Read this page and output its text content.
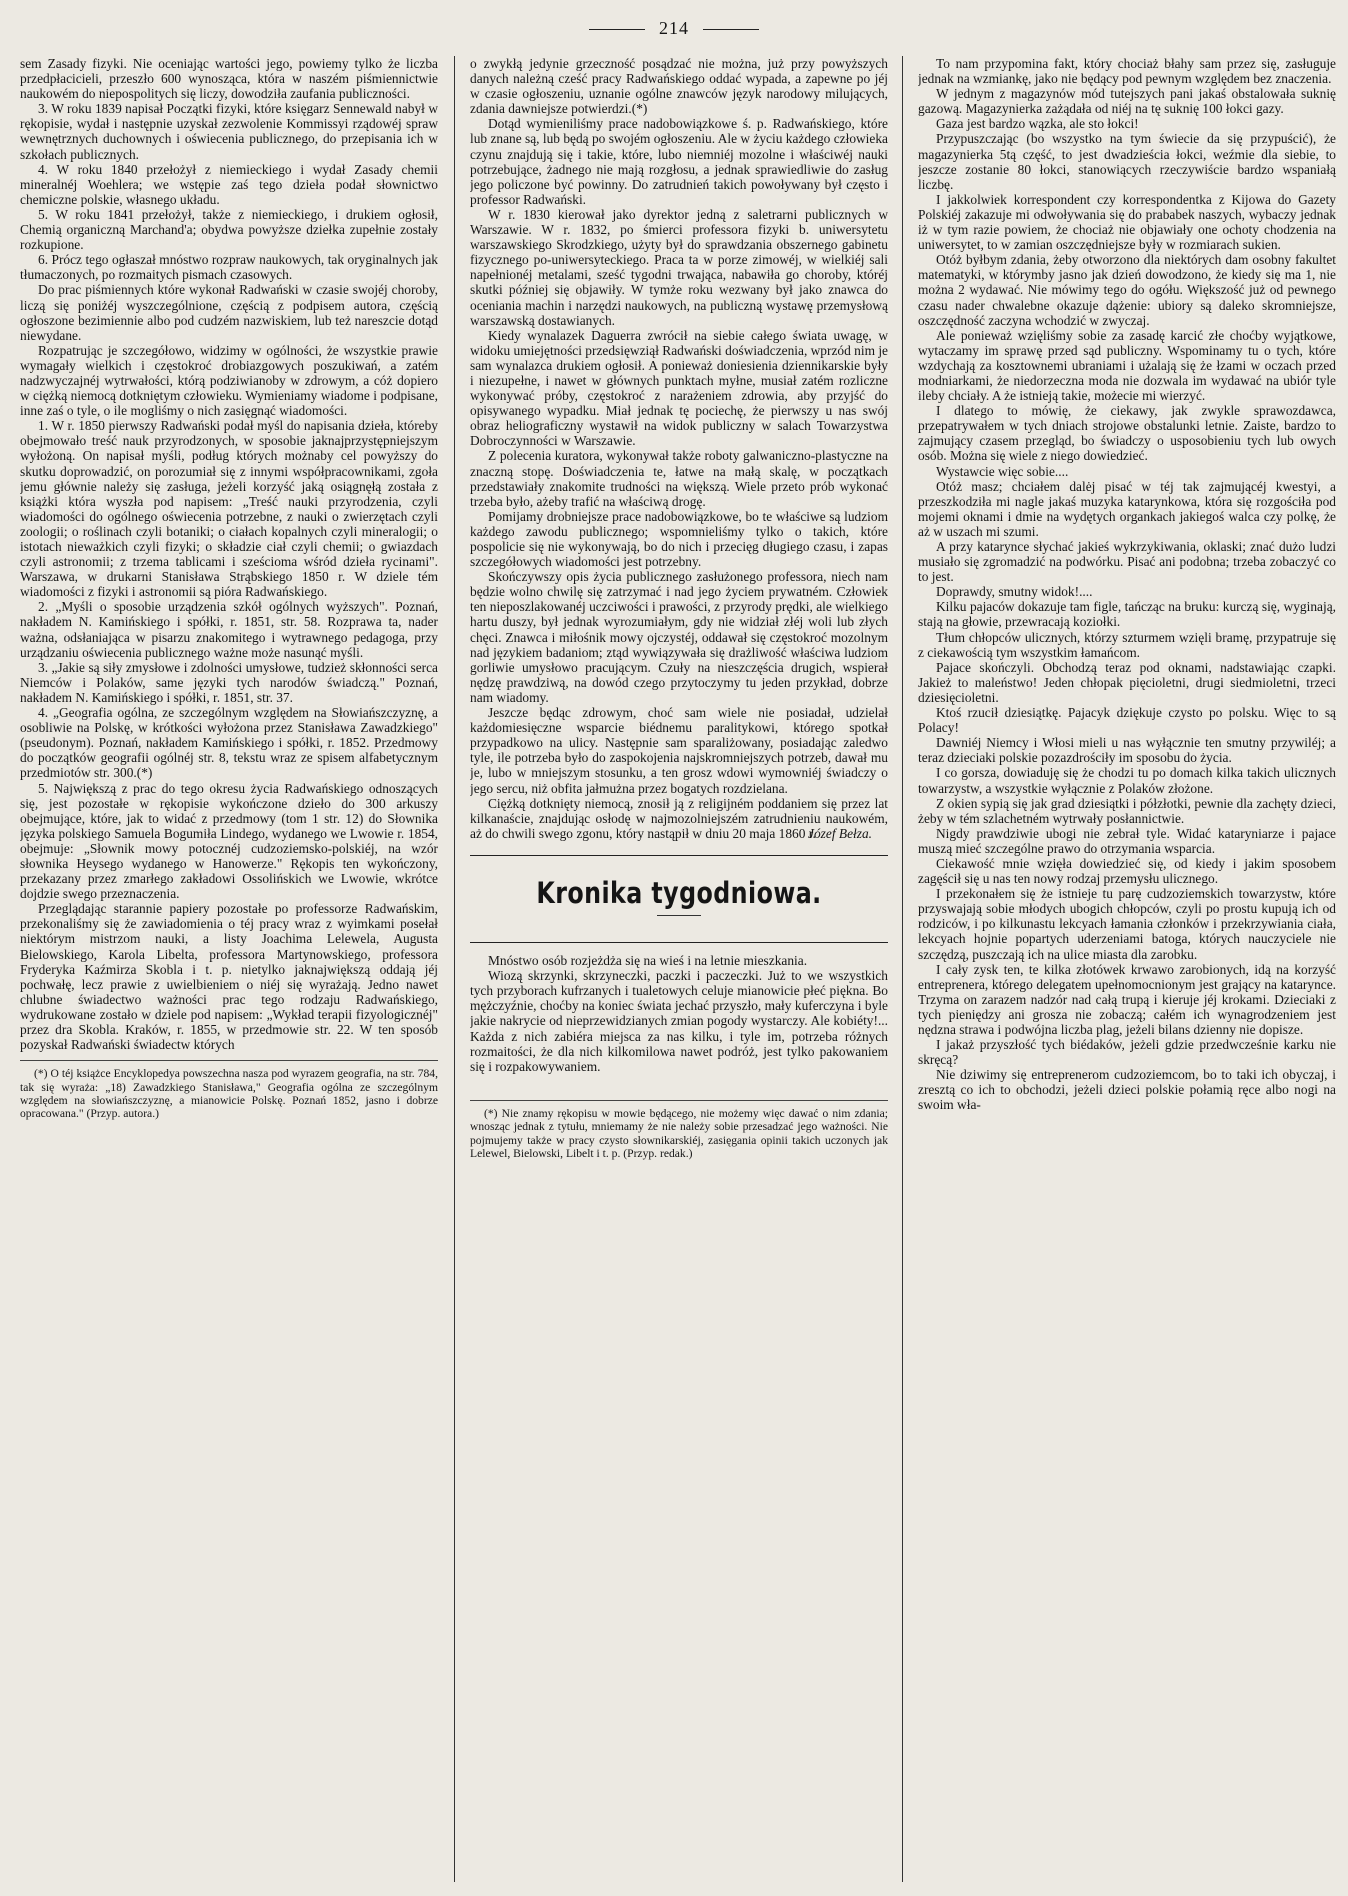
214

sem Zasady fizyki. Nie oceniając wartości jego, powiemy tylko że liczba przedpłacicieli, przeszło 600 wynosząca, która w naszém piśmiennictwie naukowém do niepospolitych się liczy, dowodziła zaufania publiczności.

3. W roku 1839 napisał Początki fizyki, które księgarz Sennewald nabył w rękopisie, wydał i następnie uzyskał zezwolenie Kommissyi rządowéj spraw wewnętrznych duchownych i oświecenia publicznego, do przepisania ich w szkołach publicznych.

4. W roku 1840 przełożył z niemieckiego i wydał Zasady chemii mineralnéj Woehlera; we wstępie zaś tego dzieła podał słownictwo chemiczne polskie, własnego układu.

5. W roku 1841 przełożył, także z niemieckiego, i drukiem ogłosił, Chemią organiczną Marchand'a; obydwa powyższe dziełka zupełnie zostały rozkupione.

6. Prócz tego ogłaszał mnóstwo rozpraw naukowych, tak oryginalnych jak tłumaczonych, po rozmaitych pismach czasowych.

Do prac piśmiennych które wykonał Radwański w czasie swojéj choroby, liczą się poniżéj wyszczególnione, częścią z podpisem autora, częścią ogłoszone bezimiennie albo pod cudzém nazwiskiem, lub też nareszcie dotąd niewydane.

Rozpatrując je szczegółowo, widzimy w ogólności, że wszystkie prawie wymagały wielkich i częstokroć drobiazgowych poszukiwań, a zatém nadzwyczajnéj wytrwałości, którą podziwianoby w zdrowym, a cóż dopiero w ciężką niemocą dotkniętym człowieku. Wymieniamy wiadome i podpisane, inne zaś o tyle, o ile mogliśmy o nich zasięgnąć wiadomości.

1. W r. 1850 pierwszy Radwański podał myśl do napisania dzieła, któreby obejmowało treść nauk przyrodzonych, w sposobie jaknajprzystępniejszym wyłożoną. On napisał myśli, podług których możnaby cel powyższy do skutku doprowadzić, on porozumiał się z innymi współpracownikami, zgoła jemu głównie należy się zasługa, jeżeli korzyść jaką osiągnęłą została z książki która wyszła pod napisem: „Treść nauki przyrodzenia, czyli wiadomości do ogólnego oświecenia potrzebne, z nauki o zwierzętach czyli zoologii; o roślinach czyli botaniki; o ciałach kopalnych czyli mineralogii; o istotach nieważkich czyli fizyki; o składzie ciał czyli chemii; o gwiazdach czyli astronomii; z trzema tablicami i sześcioma wśród dzieła rycinami". Warszawa, w drukarni Stanisława Strąbskiego 1850 r. W dziele tém wiadomości z fizyki i astronomii są pióra Radwańskiego.

2. „Myśli o sposobie urządzenia szkół ogólnych wyższych". Poznań, nakładem N. Kamińskiego i spółki, r. 1851, str. 58. Rozprawa ta, nader ważna, odsłaniająca w pisarzu znakomitego i wytrawnego pedagoga, przy urządzaniu oświecenia publicznego ważne może nasunąć myśli.

3. „Jakie są siły zmysłowe i zdolności umysłowe, tudzież skłonności serca Niemców i Polaków, same języki tych narodów świadczą." Poznań, nakładem N. Kamińskiego i spółki, r. 1851, str. 37.

4. „Geografia ogólna, ze szczególnym względem na Słowiańszczyznę, a osobliwie na Polskę, w krótkości wyłożona przez Stanisława Zawadzkiego" (pseudonym). Poznań, nakładem Kamińskiego i spółki, r. 1852. Przedmowy do początków geografii ogólnéj str. 8, tekstu wraz ze spisem alfabetycznym przedmiotów str. 300.(*)

5. Największą z prac do tego okresu życia Radwańskiego odnoszących się, jest pozostałe w rękopisie wykończone dzieło do 300 arkuszy obejmujące, które, jak to widać z przedmowy (tom 1 str. 12) do Słownika języka polskiego Samuela Bogumiła Lindego, wydanego we Lwowie r. 1854, obejmuje: „Słownik mowy potocznéj cudzoziemsko-polskiéj, na wzór słownika Heysego wydanego w Hanowerze." Rękopis ten wykończony, przekazany przez zmarłego zakładowi Ossolińskich we Lwowie, wkrótce dojdzie swego przeznaczenia.

Przeglądając starannie papiery pozostałe po professorze Radwańskim, przekonaliśmy się że zawiadomienia o téj pracy wraz z wyimkami posełał niektórym mistrzom nauki, a listy Joachima Lelewela, Augusta Bielowskiego, Karola Libelta, professora Martynowskiego, professora Fryderyka Kaźmirza Skobla i t. p. nietylko jaknajwiększą oddają jéj pochwałę, lecz prawie z uwielbieniem o niéj się wyrażają. Jedno nawet chlubne świadectwo ważności prac tego rodzaju Radwańskiego, wydrukowane zostało w dziele pod napisem: „Wykład terapii fizyologicznéj" przez dra Skobla. Kraków, r. 1855, w przedmowie str. 22. W ten sposób pozyskał Radwański świadectw których

(*) O téj książce Encyklopedya powszechna nasza pod wyrazem geografia, na str. 784, tak się wyraża: „18) Zawadzkiego Stanisława," Geografia ogólna ze szczególnym względem na słowiańszczyznę, a mianowicie Polskę. Poznań 1852, jasno i dobrze opracowana." (Przyp. autora.)

o zwykłą jedynie grzeczność posądzać nie można, już przy powyższych danych należną cześć pracy Radwańskiego oddać wypada, a zapewne po jéj w czasie ogłoszeniu, uznanie ogólne znawców język narodowy milujących, zdania dawniejsze potwierdzi.(*)

Dotąd wymieniliśmy prace nadobowiązkowe ś. p. Radwańskiego, które lub znane są, lub będą po swojém ogłoszeniu. Ale w życiu każdego człowieka czynu znajdują się i takie, które, lubo niemniéj mozolne i właściwéj nauki potrzebujące, żadnego nie mają rozgłosu, a jednak sprawiedliwie do zasług jego policzone być powinny. Do zatrudnień takich powoływany był często i professor Radwański.

W r. 1830 kierował jako dyrektor jedną z saletrarni publicznych w Warszawie. W r. 1832, po śmierci professora fizyki b. uniwersytetu warszawskiego Skrodzkiego, użyty był do sprawdzania obszernego gabinetu fizycznego po-uniwersyteckiego. Praca ta w porze zimowéj, w wielkiéj sali napełnionéj metalami, sześć tygodni trwająca, nabawiła go choroby, któréj skutki później się objawiły. W tymże roku wezwany był jako znawca do oceniania machin i narzędzi naukowych, na publiczną wystawę przemysłową warszawską dostawianych.

Kiedy wynalazek Daguerra zwrócił na siebie całego świata uwagę, w widoku umiejętności przedsięwziął Radwański doświadczenia, wprzód nim je sam wynalazca drukiem ogłosił. A ponieważ doniesienia dziennikarskie były i niezupełne, i nawet w głównych punktach myłne, musiał zatém rozliczne wykonywać próby, częstokroć z narażeniem zdrowia, aby przyjść do opisywanego wypadku. Miał jednak tę pociechę, że pierwszy u nas swój obraz heliograficzny wystawił na widok publiczny w salach Towarzystwa Dobroczynności w Warszawie.

Z polecenia kuratora, wykonywał także roboty galwaniczno-plastyczne na znaczną stopę. Doświadczenia te, łatwe na małą skalę, w początkach przedstawiały znakomite trudności na większą. Wiele przeto prób wykonać trzeba było, ażeby trafić na właściwą drogę.

Pomijamy drobniejsze prace nadobowiązkowe, bo te właściwe są ludziom każdego zawodu publicznego; wspomnieliśmy tylko o takich, które pospolicie się nie wykonywają, bo do nich i przecięg długiego czasu, i zapas szczegółowych wiadomości jest potrzebny.

Skończywszy opis życia publicznego zasłużonego professora, niech nam będzie wolno chwilę się zatrzymać i nad jego życiem prywatném. Człowiek ten nieposzlakowanéj uczciwości i prawości, z przyrody prędki, ale wielkiego hartu duszy, był jednak wyrozumiałym, gdy nie widział złéj woli lub złych chęci. Znawca i miłośnik mowy ojczystéj, oddawał się częstokroć mozolnym nad językiem badaniom; ztąd wywiązywała się drażliwość właściwa ludziom gorliwie umysłowo pracującym. Czuły na nieszczęścia drugich, wspierał nędzę prawdziwą, na dowód czego przytoczymy tu jeden przykład, dobrze nam wiadomy.

Jeszcze będąc zdrowym, choć sam wiele nie posiadał, udzielał każdomiesięczne wsparcie biédnemu paralitykowi, którego spotkał przypadkowo na ulicy. Następnie sam sparaliżowany, posiadając zaledwo tyle, ile potrzeba było do zaspokojenia najskromniejszych potrzeb, dawał mu je, lubo w mniejszym stosunku, a ten grosz wdowi wymowniéj świadczy o jego sercu, niż obfita jałmużna przez bogatych rozdzielana.

Ciężką dotknięty niemocą, znosił ją z religijném poddaniem się przez lat kilkanaście, znajdując osłodę w najmozolniejszém zatrudnieniu naukowém, aż do chwili swego zgonu, który nastąpił w dniu 20 maja 1860 r.

Józef Bełza.
Kronika tygodniowa.

Mnóstwo osób rozjeżdża się na wieś i na letnie mieszkania.

Wiozą skrzynki, skrzyneczki, paczki i paczeczki. Już to we wszystkich tych przyborach kufrzanych i tualetowych celuje mianowicie płeć piękna. Bo mężczyźnie, choćby na koniec świata jechać przyszło, mały kuferczyna i byle jakie nakrycie od nieprzewidzianych zmian pogody wystarczy. Ale kobiéty!... Każda z nich zabiéra miejsca za nas kilku, i tyle im, potrzeba różnych rozmaitości, że dla nich kilkomilowa nawet podróż, jest tylko pakowaniem się i rozpakowywaniem.

(*) Nie znamy rękopisu w mowie będącego, nie możemy więc dawać o nim zdania; wnosząc jednak z tytułu, mniemamy że nie należy sobie przesadzać jego ważności. Nie pojmujemy także w pracy czysto słownikarskiéj, zasięgania opinii takich uczonych jak Lelewel, Bielowski, Libelt i t. p. (Przyp. redak.)

To nam przypomina fakt, który chociaż błahy sam przez się, zasługuje jednak na wzmiankę, jako nie będący pod pewnym względem bez znaczenia.

W jednym z magazynów mód tutejszych pani jakaś obstalowała suknię gazową. Magazynierka zażądała od niéj na tę suknię 100 łokci gazy.

Gaza jest bardzo wązka, ale sto łokci!

Przypuszczając (bo wszystko na tym świecie da się przypuścić), że magazynierka 5tą część, to jest dwadzieścia łokci, weźmie dla siebie, to jeszcze zostanie 80 łokci, stanowiących rzeczywiście bardzo wspaniałą liczbę.

I jakkolwiek korrespondent czy korrespondentka z Kijowa do Gazety Polskiéj zakazuje mi odwoływania się do prababek naszych, wybaczy jednak iż w tym razie powiem, że chociaż nie objawiały one ochoty chodzenia na uniwersytet, to w zamian oszczędniejsze były w rozmiarach sukien.

Otóż byłbym zdania, żeby otworzono dla niektórych dam osobny fakultet matematyki, w którymby jasno jak dzień dowodzono, że kiedy się ma 1, nie można 2 wydawać. Nie mówimy tego do ogółu. Większość już od pewnego czasu nader chwalebne okazuje dążenie: ubiory są daleko skromniejsze, oszczędność zaczyna wchodzić w zwyczaj.

Ale ponieważ wzięliśmy sobie za zasadę karcić złe choćby wyjątkowe, wytaczamy im sprawę przed sąd publiczny. Wspominamy tu o tych, które wzdychają za kosztownemi ubraniami i użalają się że łzami w oczach przed modniarkami, że niedorzeczna moda nie dozwala im wydawać na ubiór tyle ileby chciały. A że istnieją takie, możecie mi wierzyć.

I dlatego to mówię, że ciekawy, jak zwykle sprawozdawca, przepatrywałem w tych dniach strojowe obstalunki letnie. Zaiste, bardzo to zajmujący czasem przegląd, bo świadczy o usposobieniu tych lub owych osób. Można się wiele z niego dowiedzieć.

Wystawcie więc sobie....

Otóż masz; chciałem dalėj pisać w téj tak zajmującéj kwestyi, a przeszkodziła mi nagle jakaś muzyka katarynkowa, która się rozgościła pod mojemi oknami i dmie na wydętych organkach jakiegoś walca czy polkę, że aż w uszach mi szumi.

A przy katarynce słychać jakieś wykrzykiwania, oklaski; znać dużo ludzi musiało się zgromadzić na podwórku. Pisać ani podobna; trzeba zobaczyć co to jest.

Doprawdy, smutny widok!....

Kilku pajaców dokazuje tam figle, tańcząc na bruku: kurczą się, wyginają, stają na głowie, przewracają koziołki.

Tłum chłopców ulicznych, którzy szturmem wzięli bramę, przypatruje się z ciekawością tym wszystkim łamańcom.

Pajace skończyli. Obchodzą teraz pod oknami, nadstawiając czapki. Jakież to maleństwo! Jeden chłopak pięcioletni, drugi siedmioletni, trzeci dziesięcioletni.

Ktoś rzucił dziesiątkę. Pajacyk dziękuje czysto po polsku. Więc to są Polacy!

Dawniéj Niemcy i Włosi mieli u nas wyłącznie ten smutny przywiléj; a teraz dzieciaki polskie pozazdrościły im sposobu do życia.

I co gorsza, dowiaduję się że chodzi tu po domach kilka takich ulicznych towarzystw, a wszystkie wyłącznie z Polaków złożone.

Z okien sypią się jak grad dziesiątki i półzłotki, pewnie dla zachęty dzieci, żeby w tém szlachetném wytrwały posłannictwie.

Nigdy prawdziwie ubogi nie zebrał tyle. Widać kataryniarze i pajace muszą mieć szczególne prawo do otrzymania wsparcia.

Ciekawość mnie wzięła dowiedzieć się, od kiedy i jakim sposobem zagęścił się u nas ten nowy rodzaj przemysłu ulicznego.

I przekonałem się że istnieje tu parę cudzoziemskich towarzystw, które przyswajają sobie młodych ubogich chłopców, czyli po prostu kupują ich od rodziców, i po kilkunastu lekcyach łamania członków i przekrzywiania ciała, lekcyach hojnie popartych uderzeniami batoga, których nauczyciele nie szczędzą, puszczają ich na ulice miasta dla zarobku.

I cały zysk ten, te kilka złotówek krwawo zarobionych, idą na korzyść entreprenera, którego delegatem upełnomocnionym jest grający na katarynce. Trzyma on zarazem nadzór nad całą trupą i kieruje jéj krokami. Dzieciaki z tych pieniędzy ani grosza nie zobaczą; całém ich wynagrodzeniem jest nędzna strawa i podwójna liczba plag, jeżeli bilans dzienny nie dopisze.

I jakaż przyszłość tych biédaków, jeżeli gdzie przedwcześnie karku nie skręcą?

Nie dziwimy się entreprenerom cudzoziemcom, bo to taki ich obyczaj, i zresztą co ich to obchodzi, jeżeli dzieci polskie połamią ręce albo nogi na swoim wła-
